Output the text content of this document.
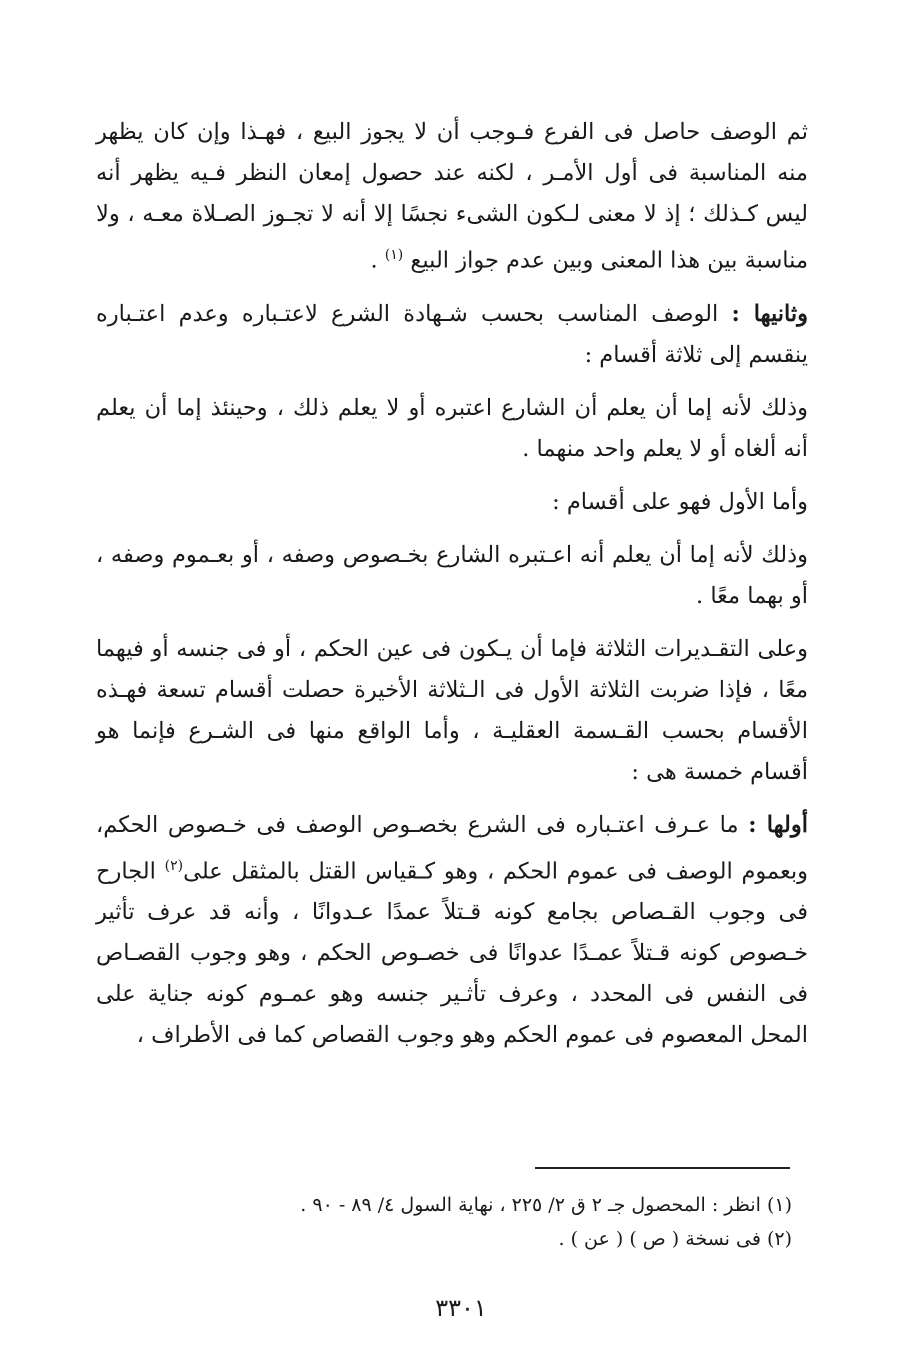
ثم الوصف حاصل فى الفرع فـوجب أن لا يجوز البيع ، فهـذا وإن كان يظهر منه المناسبة فى أول الأمـر ، لكنه عند حصول إمعان النظر فـيه يظهر أنه ليس كـذلك ؛ إذ لا معنى لـكون الشىء نجسًا إلا أنه لا تجـوز الصـلاة معـه ، ولا مناسبة بين هذا المعنى وبين عدم جواز البيع $^{(١)}$ .

وثانيها : الوصف المناسب بحسب شـهادة الشرع لاعتـباره وعدم اعتـباره ينقسم إلى ثلاثة أقسام :

وذلك لأنه إما أن يعلم أن الشارع اعتبره أو لا يعلم ذلك ، وحينئذ إما أن يعلم أنه ألغاه أو لا يعلم واحد منهما .

وأما الأول فهو على أقسام :

وذلك لأنه إما أن يعلم أنه اعـتبره الشارع بخـصوص وصفه ، أو بعـموم وصفه ، أو بهما معًا .

وعلى التقـديرات الثلاثة فإما أن يـكون فى عين الحكم ، أو فى جنسه أو فيهما معًا ، فإذا ضربت الثلاثة الأول فى الـثلاثة الأخيرة حصلت أقسام تسعة فهـذه الأقسام بحسب القـسمة العقليـة ، وأما الواقع منها فى الشـرع فإنما هو أقسام خمسة هى :

أولها : ما عـرف اعتـباره فى الشرع بخصـوص الوصف فى خـصوص الحكم، وبعموم الوصف فى عموم الحكم ، وهو كـقياس القتل بالمثقل على$^{(٢)}$ الجارح فى وجوب القـصاص بجامع كونه قـتلاً عمدًا عـدوانًا ، وأنه قد عرف تأثير خـصوص كونه قـتلاً عمـدًا عدوانًا فى خصـوص الحكم ، وهو وجوب القصـاص فى النفس فى المحدد ، وعرف تأثـير جنسه وهو عمـوم كونه جناية على المحل المعصوم فى عموم الحكم وهو وجوب القصاص كما فى الأطراف ،

(١) انظر : المحصول جـ ٢ ق ٢/ ٢٢٥ ، نهاية السول ٤/ ٨٩ - ٩٠ .

(٢) فى نسخة ( ص ) ( عن ) .

٣٣٠١
